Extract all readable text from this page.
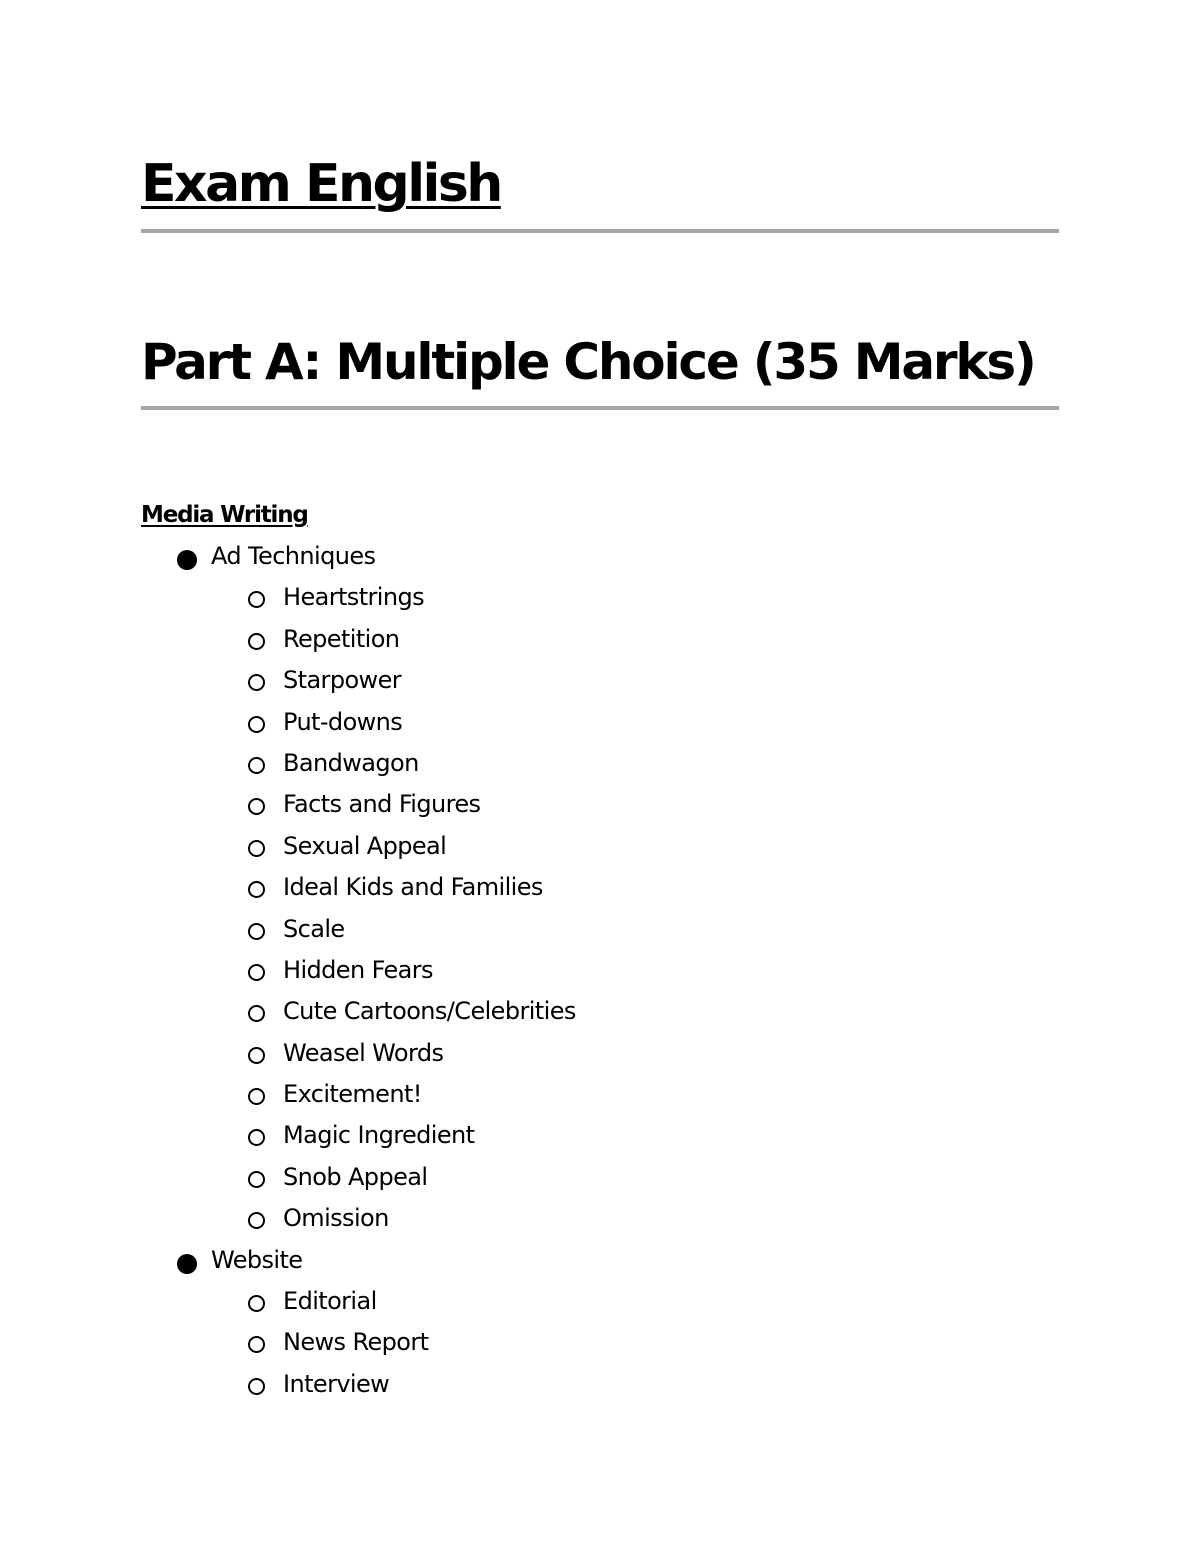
Exam English
Part A: Multiple Choice (35 Marks)
Media Writing
Ad Techniques
Heartstrings
Repetition
Starpower
Put-downs
Bandwagon
Facts and Figures
Sexual Appeal
Ideal Kids and Families
Scale
Hidden Fears
Cute Cartoons/Celebrities
Weasel Words
Excitement!
Magic Ingredient
Snob Appeal
Omission
Website
Editorial
News Report
Interview
